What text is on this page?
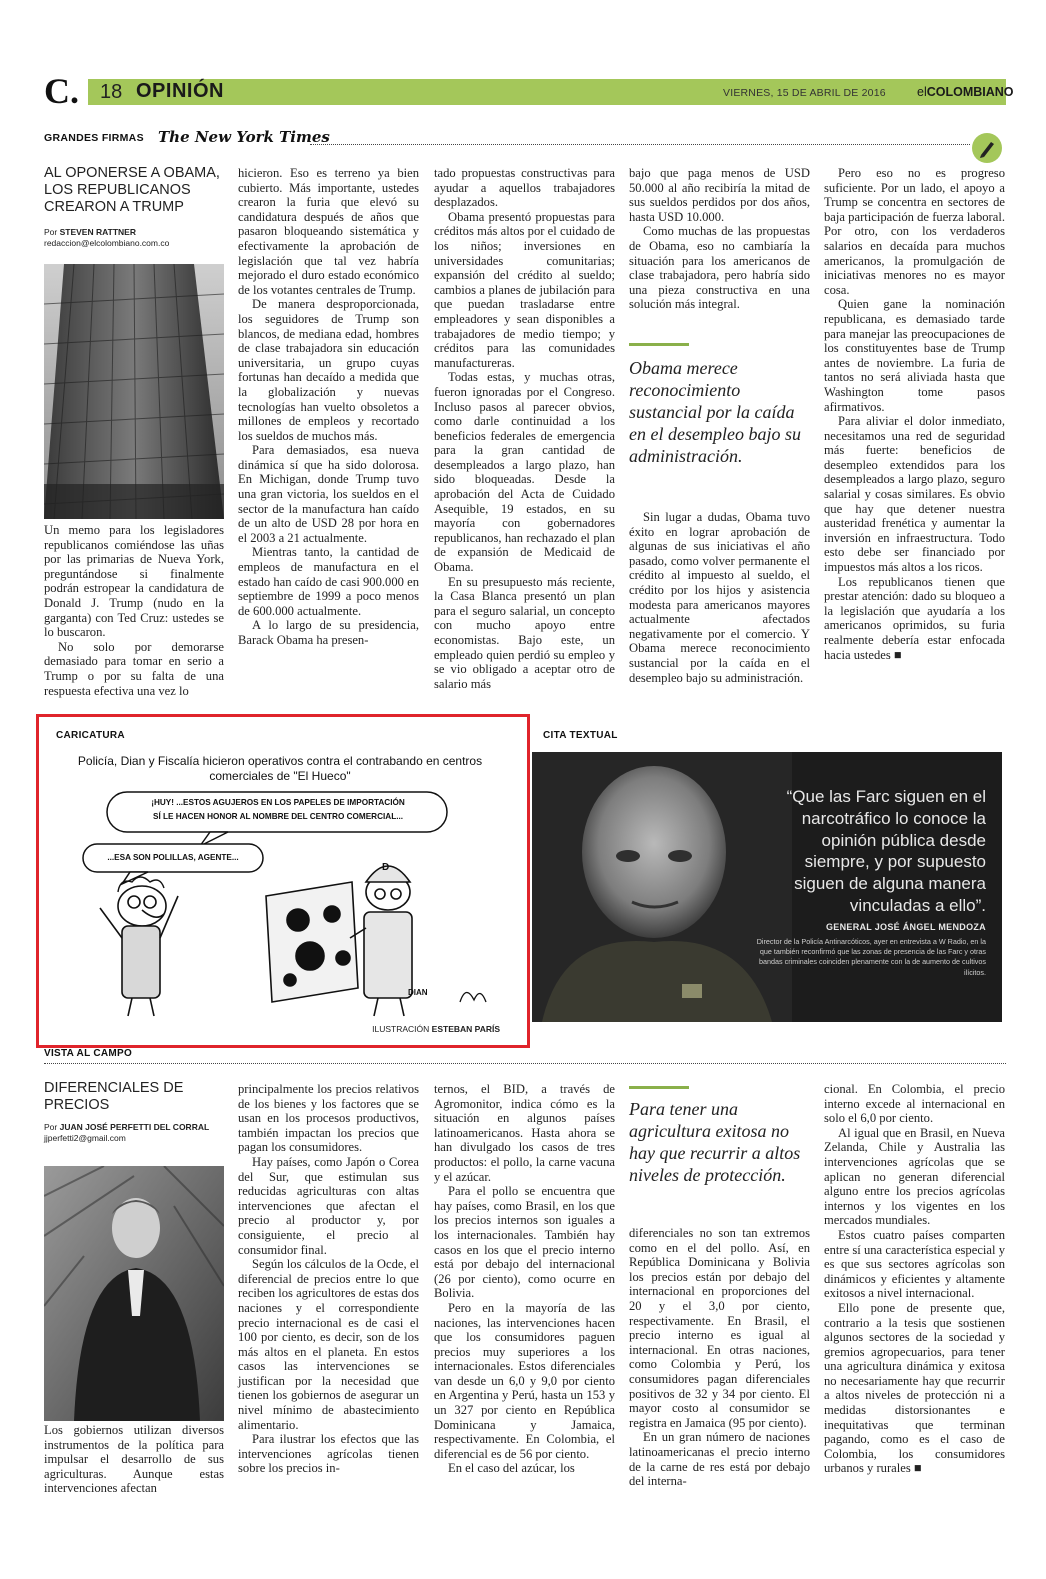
C. 18 OPINIÓN	VIERNES, 15 DE ABRIL DE 2016 elCOLOMBIANO
GRANDES FIRMAS The New York Times
AL OPONERSE A OBAMA, LOS REPUBLICANOS CREARON A TRUMP
Por STEVEN RATTNER
redaccion@elcolombiano.com.co

Un memo para los legisladores republicanos comiéndose las uñas por las primarias de Nueva York, preguntándose si finalmente podrán estropear la candidatura de Donald J. Trump (nudo en la garganta) con Ted Cruz: ustedes se lo buscaron.

No solo por demorarse demasiado para tomar en serio a Trump o por su falta de una respuesta efectiva una vez lo

hicieron. Eso es terreno ya bien cubierto. Más importante, ustedes crearon la furia que elevó su candidatura después de años que pasaron bloqueando sistemática y efectivamente la aprobación de legislación que tal vez habría mejorado el duro estado económico de los votantes centrales de Trump.

De manera desproporcionada, los seguidores de Trump son blancos, de mediana edad, hombres de clase trabajadora sin educación universitaria, un grupo cuyas fortunas han decaído a medida que la globalización y nuevas tecnologías han vuelto obsoletos a millones de empleos y recortado los sueldos de muchos más.

Para demasiados, esa nueva dinámica sí que ha sido dolorosa. En Michigan, donde Trump tuvo una gran victoria, los sueldos en el sector de la manufactura han caído de un alto de USD 28 por hora en el 2003 a 21 actualmente.

Mientras tanto, la cantidad de empleos de manufactura en el estado han caído de casi 900.000 en septiembre de 1999 a poco menos de 600.000 actualmente.

A lo largo de su presidencia, Barack Obama ha presen-

tado propuestas constructivas para ayudar a aquellos trabajadores desplazados.

Obama presentó propuestas para créditos más altos por el cuidado de los niños; inversiones en universidades comunitarias; expansión del crédito al sueldo; cambios a planes de jubilación para que puedan trasladarse entre empleadores y sean disponibles a trabajadores de medio tiempo; y créditos para las comunidades manufactureras.

Todas estas, y muchas otras, fueron ignoradas por el Congreso. Incluso pasos al parecer obvios, como darle continuidad a los beneficios federales de emergencia para la gran cantidad de desempleados a largo plazo, han sido bloqueadas. Desde la aprobación del Acta de Cuidado Asequible, 19 estados, en su mayoría con gobernadores republicanos, han rechazado el plan de expansión de Medicaid de Obama.

En su presupuesto más reciente, la Casa Blanca presentó un plan para el seguro salarial, un concepto con mucho apoyo entre economistas. Bajo este, un empleado quien perdió su empleo y se vio obligado a aceptar otro de salario más

bajo que paga menos de USD 50.000 al año recibiría la mitad de sus sueldos perdidos por dos años, hasta USD 10.000.

Como muchas de las propuestas de Obama, eso no cambiaría la situación para los americanos de clase trabajadora, pero habría sido una pieza constructiva en una solución más integral.

Obama merece reconocimiento sustancial por la caída en el desempleo bajo su administración.

Sin lugar a dudas, Obama tuvo éxito en lograr aprobación de algunas de sus iniciativas el año pasado, como volver permanente el crédito al impuesto al sueldo, el crédito por los hijos y asistencia modesta para americanos mayores actualmente afectados negativamente por el comercio. Y Obama merece reconocimiento sustancial por la caída en el desempleo bajo su administración.

Pero eso no es progreso suficiente. Por un lado, el apoyo a Trump se concentra en sectores de baja participación de fuerza laboral. Por otro, con los verdaderos salarios en decaída para muchos americanos, la promulgación de iniciativas menores no es mayor cosa.

Quien gane la nominación republicana, es demasiado tarde para manejar las preocupaciones de los constituyentes base de Trump antes de noviembre. La furia de tantos no será aliviada hasta que Washington tome pasos afirmativos.

Para aliviar el dolor inmediato, necesitamos una red de seguridad más fuerte: beneficios de desempleo extendidos para los desempleados a largo plazo, seguro salarial y cosas similares. Es obvio que hay que detener nuestra austeridad frenética y aumentar la inversión en infraestructura. Todo esto debe ser financiado por impuestos más altos a los ricos.

Los republicanos tienen que prestar atención: dado su bloqueo a la legislación que ayudaría a los americanos oprimidos, su furia realmente debería estar enfocada hacia ustedes ■

CARICATURA
Policía, Dian y Fiscalía hicieron operativos contra el contrabando en centros comerciales de "El Hueco"
¡HUY! ...ESTOS AGUJEROS EN LOS PAPELES DE IMPORTACIÓN
SÍ LE HACEN HONOR AL NOMBRE DEL CENTRO COMERCIAL...
...ESA SON POLILLAS, AGENTE...
D
DIAN
ILUSTRACIÓN ESTEBAN PARÍS
CITA TEXTUAL
“Que las Farc siguen en el narcotráfico lo conoce la opinión pública desde siempre, y por supuesto siguen de alguna manera vinculadas a ello”.
GENERAL JOSÉ ÁNGEL MENDOZA
Director de la Policía Antinarcóticos, ayer en entrevista a W Radio, en la que también reconfirmó que las zonas de presencia de las Farc y otras bandas criminales coinciden plenamente con la de aumento de cultivos ilícitos.
VISTA AL CAMPO
DIFERENCIALES DE PRECIOS
Por JUAN JOSÉ PERFETTI DEL CORRAL
jjperfetti2@gmail.com

Los gobiernos utilizan diversos instrumentos de la política para impulsar el desarrollo de sus agriculturas. Aunque estas intervenciones afectan

principalmente los precios relativos de los bienes y los factores que se usan en los procesos productivos, también impactan los precios que pagan los consumidores.

Hay países, como Japón o Corea del Sur, que estimulan sus reducidas agriculturas con altas intervenciones que afectan el precio al productor y, por consiguiente, el precio al consumidor final.

Según los cálculos de la Ocde, el diferencial de precios entre lo que reciben los agricultores de estas dos naciones y el correspondiente precio internacional es de casi el 100 por ciento, es decir, son de los más altos en el planeta. En estos casos las intervenciones se justifican por la necesidad que tienen los gobiernos de asegurar un nivel mínimo de abastecimiento alimentario.

Para ilustrar los efectos que las intervenciones agrícolas tienen sobre los precios in-

ternos, el BID, a través de Agromonitor, indica cómo es la situación en algunos países latinoamericanos. Hasta ahora se han divulgado los casos de tres productos: el pollo, la carne vacuna y el azúcar.

Para el pollo se encuentra que hay países, como Brasil, en los que los precios internos son iguales a los internacionales. También hay casos en los que el precio interno está por debajo del internacional (26 por ciento), como ocurre en Bolivia.

Pero en la mayoría de las naciones, las intervenciones hacen que los consumidores paguen precios muy superiores a los internacionales. Estos diferenciales van desde un 6,0 y 9,0 por ciento en Argentina y Perú, hasta un 153 y un 327 por ciento en República Dominicana y Jamaica, respectivamente. En Colombia, el diferencial es de 56 por ciento.

En el caso del azúcar, los

Para tener una agricultura exitosa no hay que recurrir a altos niveles de protección.

diferenciales no son tan extremos como en el del pollo. Así, en República Dominicana y Bolivia los precios están por debajo del internacional en proporciones del 20 y el 3,0 por ciento, respectivamente. En Brasil, el precio interno es igual al internacional. En otras naciones, como Colombia y Perú, los consumidores pagan diferenciales positivos de 32 y 34 por ciento. El mayor costo al consumidor se registra en Jamaica (95 por ciento).

En un gran número de naciones latinoamericanas el precio interno de la carne de res está por debajo del interna-

cional. En Colombia, el precio interno excede al internacional en solo el 6,0 por ciento.

Al igual que en Brasil, en Nueva Zelanda, Chile y Australia las intervenciones agrícolas que se aplican no generan diferencial alguno entre los precios agrícolas internos y los vigentes en los mercados mundiales.

Estos cuatro países comparten entre sí una característica especial y es que sus sectores agrícolas son dinámicos y eficientes y altamente exitosos a nivel internacional.

Ello pone de presente que, contrario a la tesis que sostienen algunos sectores de la sociedad y gremios agropecuarios, para tener una agricultura dinámica y exitosa no necesariamente hay que recurrir a altos niveles de protección ni a medidas distorsionantes e inequitativas que terminan pagando, como es el caso de Colombia, los consumidores urbanos y rurales ■
